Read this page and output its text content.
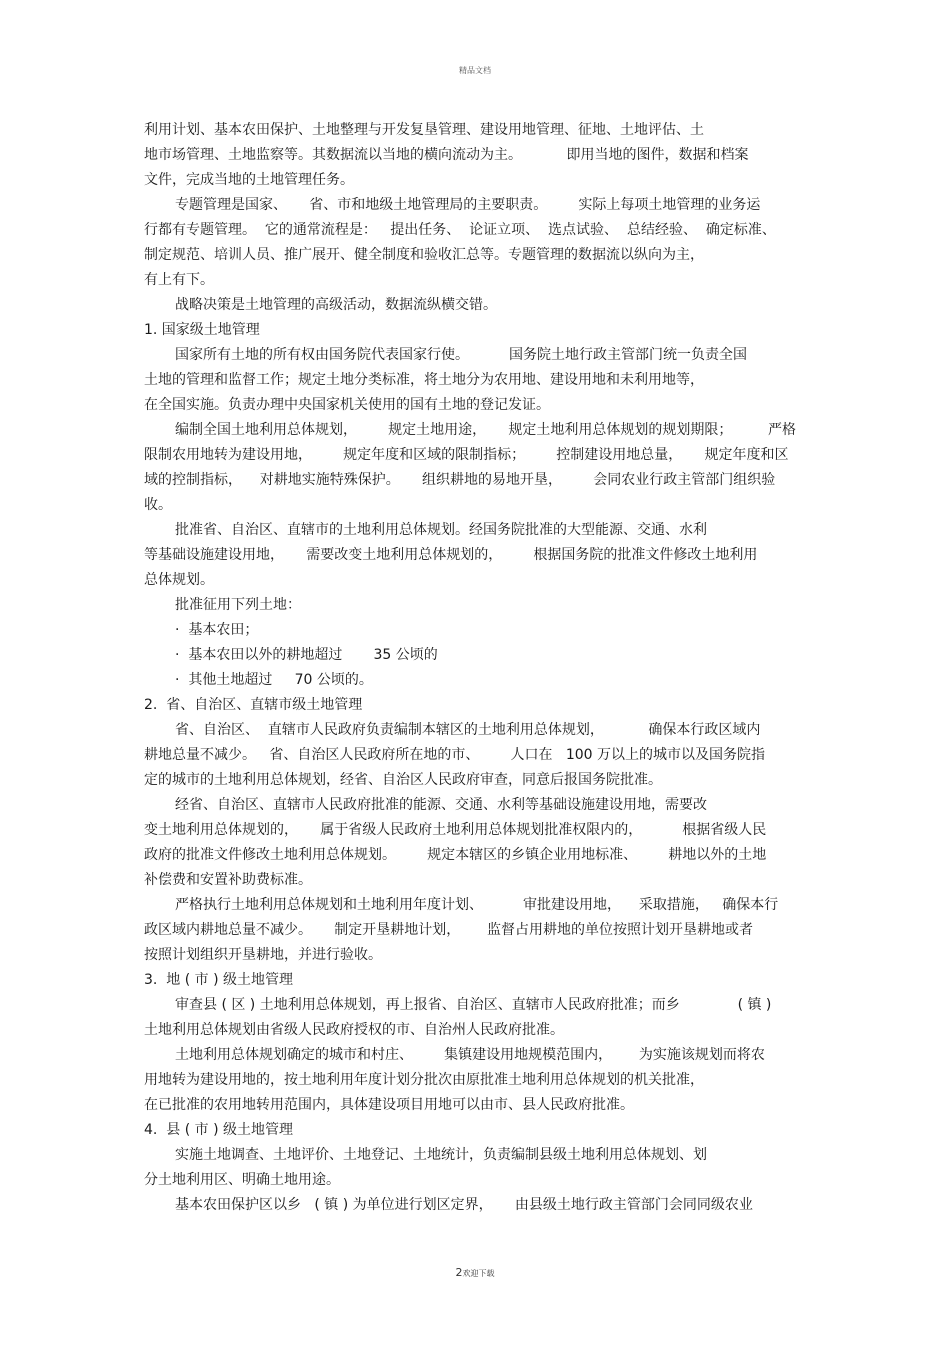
精品文档
利用计划、基本农田保护、土地整理与开发复垦管理、建设用地管理、征地、土地评估、土
地市场管理、土地监察等。其数据流以当地的横向流动为主。          即用当地的图件，数据和档案
文件，完成当地的土地管理任务。
专题管理是国家、     省、市和地级土地管理局的主要职责。       实际上每项土地管理的业务运
行都有专题管理。  它的通常流程是：   提出任务、  论证立项、  选点试验、  总结经验、  确定标准、
制定规范、培训人员、推广展开、健全制度和验收汇总等。专题管理的数据流以纵向为主，
有上有下。
战略决策是土地管理的高级活动，数据流纵横交错。
1. 国家级土地管理
国家所有土地的所有权由国务院代表国家行使。         国务院土地行政主管部门统一负责全国
土地的管理和监督工作；规定土地分类标准，将土地分为农用地、建设用地和未利用地等，
在全国实施。负责办理中央国家机关使用的国有土地的登记发证。
编制全国土地利用总体规划，       规定土地用途，     规定土地利用总体规划的规划期限；        严格
限制农用地转为建设用地，       规定年度和区域的限制指标；       控制建设用地总量，     规定年度和区
域的控制指标，    对耕地实施特殊保护。     组织耕地的易地开垦，       会同农业行政主管部门组织验
收。
批准省、自治区、直辖市的土地利用总体规划。经国务院批准的大型能源、交通、水利
等基础设施建设用地，     需要改变土地利用总体规划的，       根据国务院的批准文件修改土地利用
总体规划。
批准征用下列土地：
·  基本农田；
·  基本农田以外的耕地超过       35 公顷的
·  其他土地超过     70 公顷的。
2.  省、自治区、直辖市级土地管理
省、自治区、  直辖市人民政府负责编制本辖区的土地利用总体规划，          确保本行政区域内
耕地总量不减少。   省、自治区人民政府所在地的市、       人口在   100 万以上的城市以及国务院指
定的城市的土地利用总体规划，经省、自治区人民政府审查，同意后报国务院批准。
经省、自治区、直辖市人民政府批准的能源、交通、水利等基础设施建设用地，需要改
变土地利用总体规划的，     属于省级人民政府土地利用总体规划批准权限内的，         根据省级人民
政府的批准文件修改土地利用总体规划。       规定本辖区的乡镇企业用地标准、       耕地以外的土地
补偿费和安置补助费标准。
严格执行土地利用总体规划和土地利用年度计划、         审批建设用地，    采取措施，   确保本行
政区域内耕地总量不减少。     制定开垦耕地计划，      监督占用耕地的单位按照计划开垦耕地或者
按照计划组织开垦耕地，并进行验收。
3.  地 ( 市 ) 级土地管理
审查县 ( 区 ) 土地利用总体规划，再上报省、自治区、直辖市人民政府批准；而乡             ( 镇 )
土地利用总体规划由省级人民政府授权的市、自治州人民政府批准。
土地利用总体规划确定的城市和村庄、       集镇建设用地规模范围内，      为实施该规划而将农
用地转为建设用地的，按土地利用年度计划分批次由原批准土地利用总体规划的机关批准，
在已批准的农用地转用范围内，具体建设项目用地可以由市、县人民政府批准。
4.  县 ( 市 ) 级土地管理
实施土地调查、土地评价、土地登记、土地统计，负责编制县级土地利用总体规划、划
分土地利用区、明确土地用途。
基本农田保护区以乡   ( 镇 ) 为单位进行划区定界，     由县级土地行政主管部门会同同级农业
2欢迎下载
